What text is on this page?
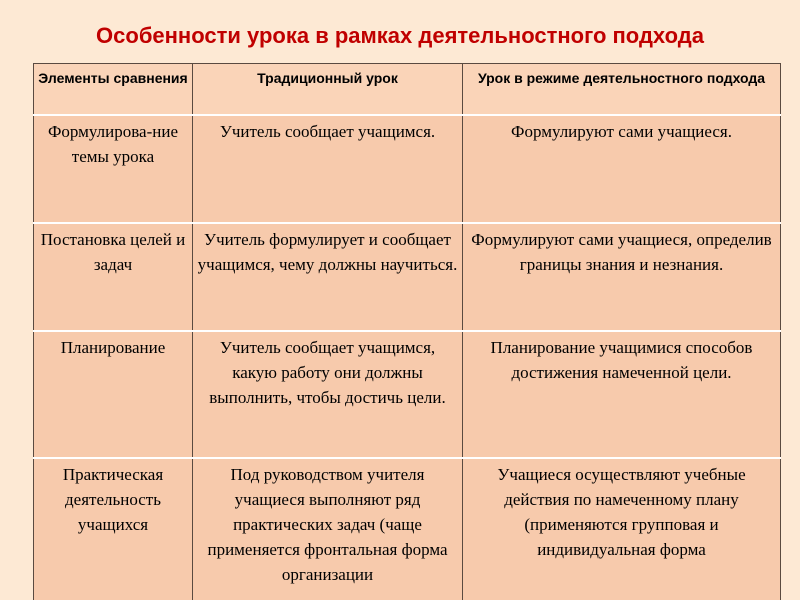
Особенности урока в рамках деятельностного подхода
Элементы сравнения	Традиционный урок	Урок в режиме деятельностного подхода
Формулирова-ние темы урока	Учитель сообщает учащимся.	Формулируют сами учащиеся.
Постановка целей и задач	Учитель формулирует и сообщает учащимся, чему должны научиться.	Формулируют сами учащиеся, определив границы знания и незнания.
Планирование	Учитель сообщает учащимся, какую работу они должны выполнить, чтобы достичь цели.	Планирование учащимися способов достижения намеченной цели.
Практическая деятельность учащихся	Под руководством учителя учащиеся выполняют ряд практических задач (чаще применяется фронтальная форма организации	Учащиеся осуществляют учебные действия по намеченному плану (применяются групповая и индивидуальная форма
